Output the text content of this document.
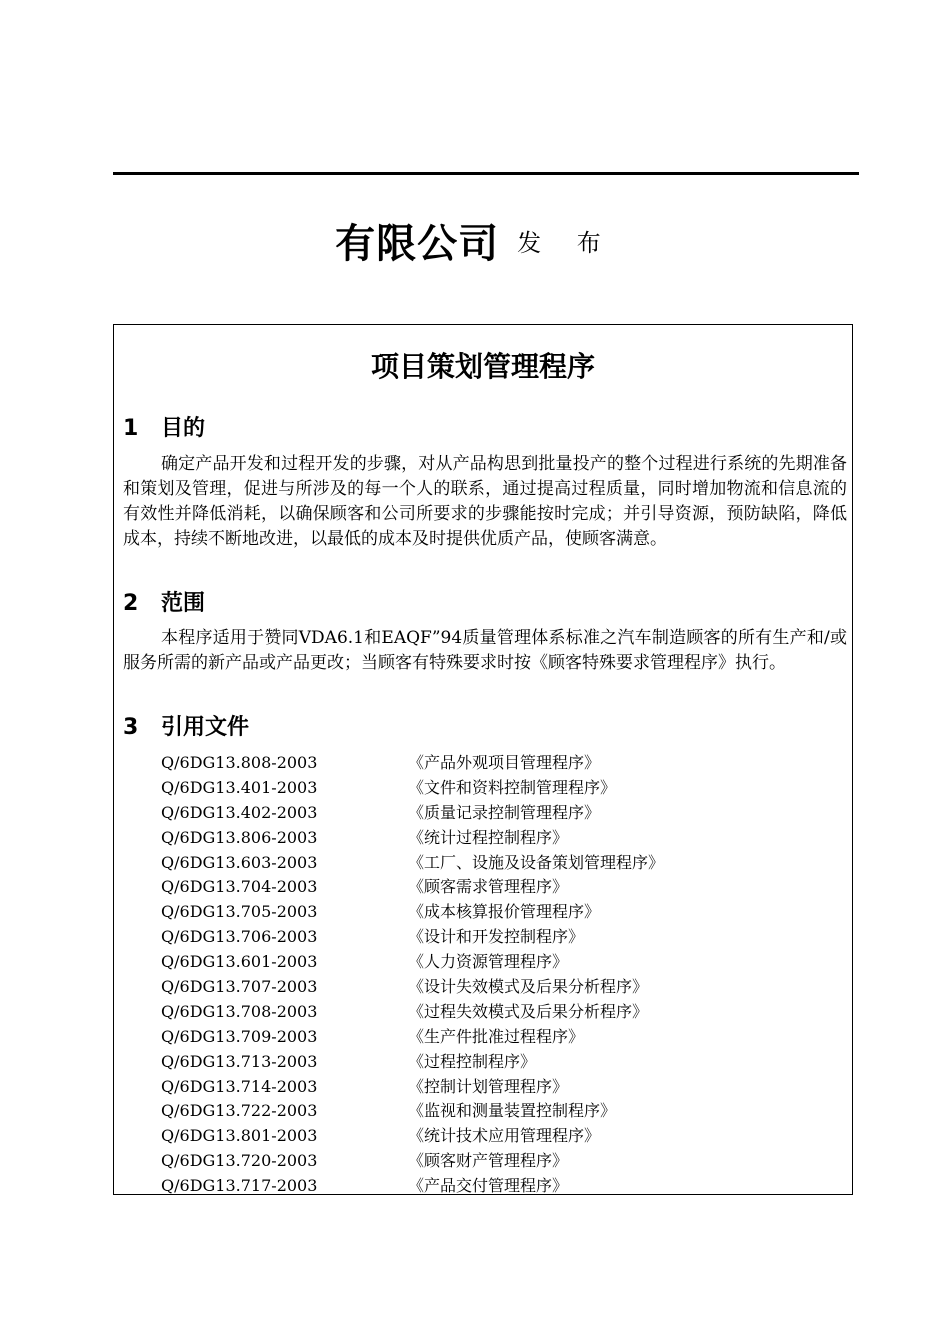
有限公司 发 布
项目策划管理程序
1 目的

确定产品开发和过程开发的步骤，对从产品构思到批量投产的整个过程进行系统的先期准备和策划及管理，促进与所涉及的每一个人的联系，通过提高过程质量，同时增加物流和信息流的有效性并降低消耗，以确保顾客和公司所要求的步骤能按时完成；并引导资源，预防缺陷，降低成本，持续不断地改进，以最低的成本及时提供优质产品，使顾客满意。

2 范围

本程序适用于赞同VDA6.1和EAQF”94质量管理体系标准之汽车制造顾客的所有生产和/或服务所需的新产品或产品更改；当顾客有特殊要求时按《顾客特殊要求管理程序》执行。

3 引用文件
Q/6DG13.808-2003	《产品外观项目管理程序》
Q/6DG13.401-2003	《文件和资料控制管理程序》
Q/6DG13.402-2003	《质量记录控制管理程序》
Q/6DG13.806-2003	《统计过程控制程序》
Q/6DG13.603-2003	《工厂、设施及设备策划管理程序》
Q/6DG13.704-2003	《顾客需求管理程序》
Q/6DG13.705-2003	《成本核算报价管理程序》
Q/6DG13.706-2003	《设计和开发控制程序》
Q/6DG13.601-2003	《人力资源管理程序》
Q/6DG13.707-2003	《设计失效模式及后果分析程序》
Q/6DG13.708-2003	《过程失效模式及后果分析程序》
Q/6DG13.709-2003	《生产件批准过程程序》
Q/6DG13.713-2003	《过程控制程序》
Q/6DG13.714-2003	《控制计划管理程序》
Q/6DG13.722-2003	《监视和测量装置控制程序》
Q/6DG13.801-2003	《统计技术应用管理程序》
Q/6DG13.720-2003	《顾客财产管理程序》
Q/6DG13.717-2003	《产品交付管理程序》
